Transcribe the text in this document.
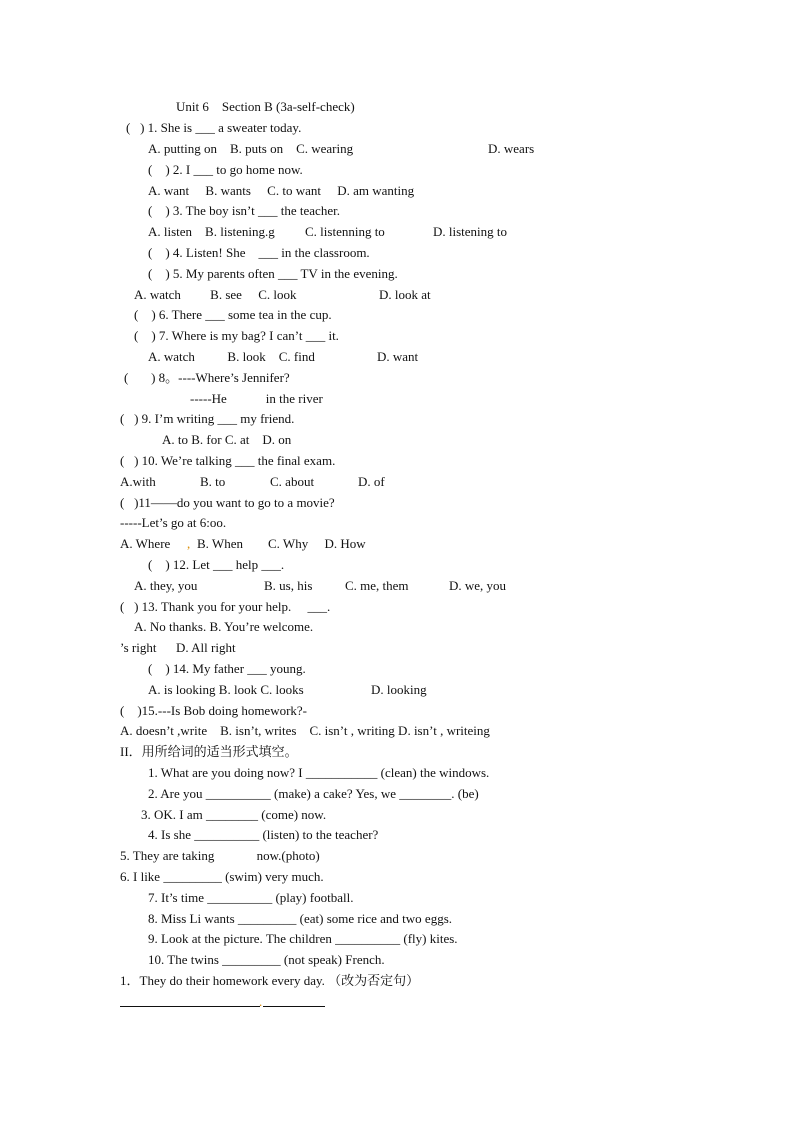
Unit 6    Section B (3a-self-check)
(   ) 1. She is ___ a sweater today.
A. putting on    B. puts on    C. wearing	D. wears
(    ) 2. I ___ to go home now.
A. want     B. wants     C. to want     D. am wanting
(    ) 3. The boy isn’t ___ the teacher.
A. listen    B. listening.g C. listenning to	D. listening to
(    ) 4. Listen! She    ___ in the classroom.
(    ) 5. My parents often ___ TV in the evening.
A. watch         B. see     C. look	D. look at
(    ) 6. There ___ some tea in the cup.
(    ) 7. Where is my bag? I can’t ___ it.
A. watch          B. look    C. find	D. want
(       ) 8。----Where’s Jennifer?
-----He            in the river
(   ) 9. I’m writing ___ my friend.
A. to B. for C. at    D. on
(   ) 10. We’re talking ___ the final exam.
A.with	B. to	C. about	D. of
(   )11——do you want to go to a movie?
-----Let’s go at 6:oo.
A. Where , B. When C. Why     D. How
(    ) 12. Let ___ help ___.
A. they, you	B. us, his	C. me, them	D. we, you
(   ) 13. Thank you for your help.     ___.
A. No thanks. B. You’re welcome.
’s right      D. All right
(    ) 14. My father ___ young.
A. is looking B. look C. looks	D. looking
(    )15.---Is Bob doing homework?-
A. doesn’t ,write    B. isn’t, writes    C. isn’t , writing D. isn’t , writeing
II．用所给词的适当形式填空。
1. What are you doing now? I ___________ (clean) the windows.
2. Are you __________ (make) a cake? Yes, we ________. (be)
3. OK. I am ________ (come) now.
4. Is she __________ (listen) to the teacher?
5. They are taking             now.(photo)
6. I like _________ (swim) very much.
7. It’s time __________ (play) football.
8. Miss Li wants _________ (eat) some rice and two eggs.
9. Look at the picture. The children __________ (fly) kites.
10. The twins _________ (not speak) French.
1．They do their homework every day. （改为否定句）
.
